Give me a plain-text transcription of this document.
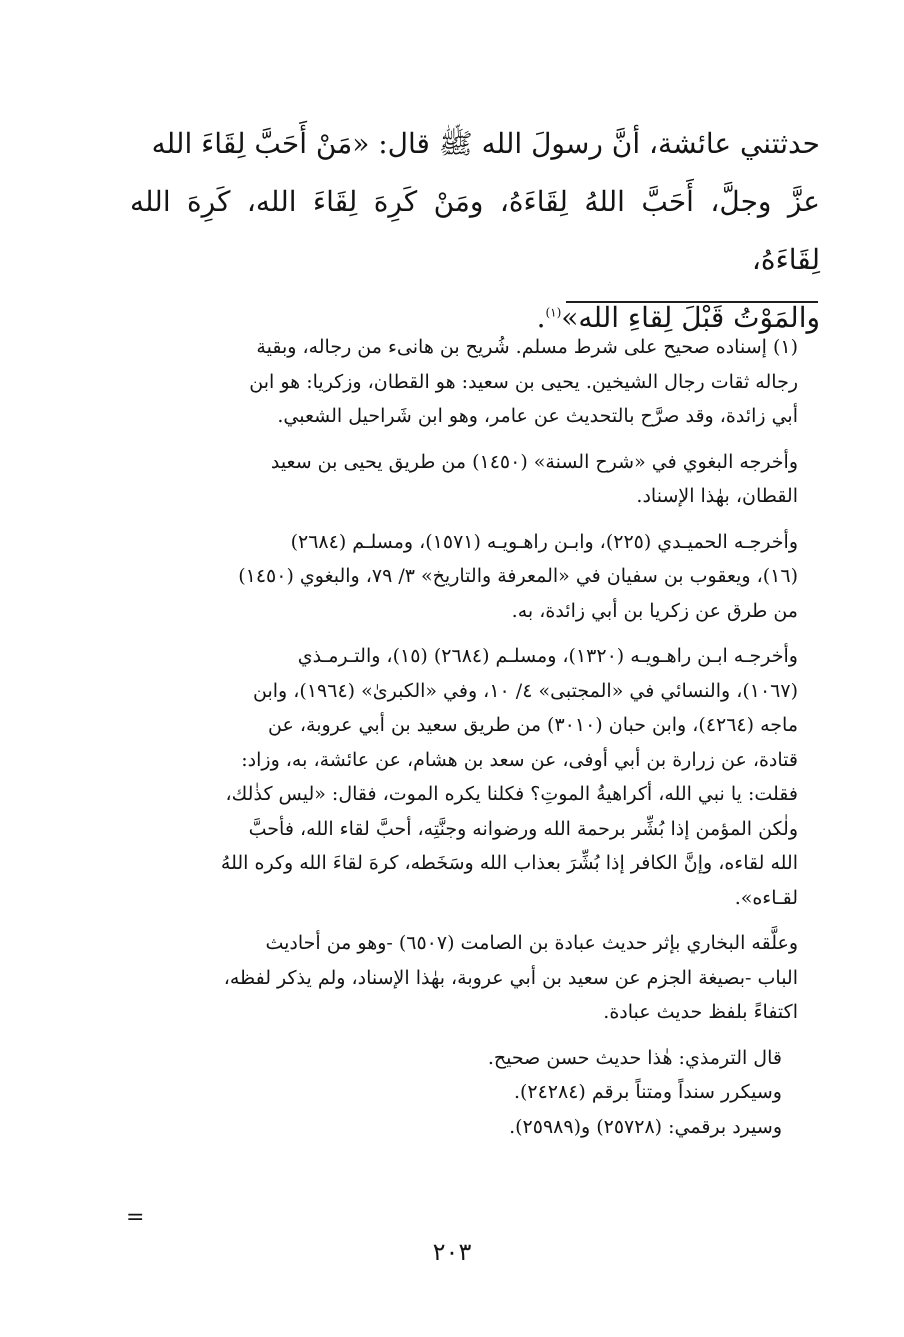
حدثتني عائشة، أنَّ رسولَ الله ﷺ قال: «مَنْ أَحَبَّ لِقَاءَ الله
عزَّ وجلَّ، أَحَبَّ اللهُ لِقَاءَهُ، ومَنْ كَرِهَ لِقَاءَ الله، كَرِهَ الله لِقَاءَهُ،
والمَوْتُ قَبْلَ لِقاءِ الله»$^{(١)}$.
(١) إسناده صحيح على شرط مسلم. شُريح بن هانىء من رجاله، وبقية
رجاله ثقات رجال الشيخين. يحيى بن سعيد: هو القطان، وزكريا: هو ابن
أبي زائدة، وقد صرَّح بالتحديث عن عامر، وهو ابن شَراحيل الشعبي.
وأخرجه البغوي في «شرح السنة» (١٤٥٠) من طريق يحيى بن سعيد
القطان، بهٰذا الإسناد.
وأخرجـه الحميـدي (٢٢٥)، وابـن راهـويـه (١٥٧١)، ومسلـم (٢٦٨٤)
(١٦)، ويعقوب بن سفيان في «المعرفة والتاريخ» ٣/ ٧٩، والبغوي (١٤٥٠)
من طرق عن زكريا بن أبي زائدة، به.
وأخرجـه ابـن راهـويـه (١٣٢٠)، ومسلـم (٢٦٨٤) (١٥)، والتـرمـذي
(١٠٦٧)، والنسائي في «المجتبى» ٤/ ١٠، وفي «الكبرىٰ» (١٩٦٤)، وابن
ماجه (٤٢٦٤)، وابن حبان (٣٠١٠) من طريق سعيد بن أبي عروبة، عن
قتادة، عن زرارة بن أبي أوفى، عن سعد بن هشام، عن عائشة، به، وزاد:
فقلت: يا نبي الله، أكراهيةُ الموتِ؟ فكلنا يكره الموت، فقال: «ليس كذٰلك،
ولٰكن المؤمن إذا بُشِّر برحمة الله ورضوانه وجنَّتِه، أحبَّ لقاء الله، فأحبَّ
الله لقاءه، وإنَّ الكافر إذا بُشِّرَ بعذاب الله وسَخَطه، كرهَ لقاءَ الله وكره اللهُ
لقـاءه».
وعلَّقه البخاري بإثر حديث عبادة بن الصامت (٦٥٠٧) -وهو من أحاديث
الباب -بصيغة الجزم عن سعيد بن أبي عروبة، بهٰذا الإسناد، ولم يذكر لفظه،
اكتفاءً بلفظ حديث عبادة.
قال الترمذي: هٰذا حديث حسن صحيح.
وسيكرر سنداً ومتناً برقم (٢٤٢٨٤).
وسيرد برقمي: (٢٥٧٢٨) و(٢٥٩٨٩).
=
٢٠٣
